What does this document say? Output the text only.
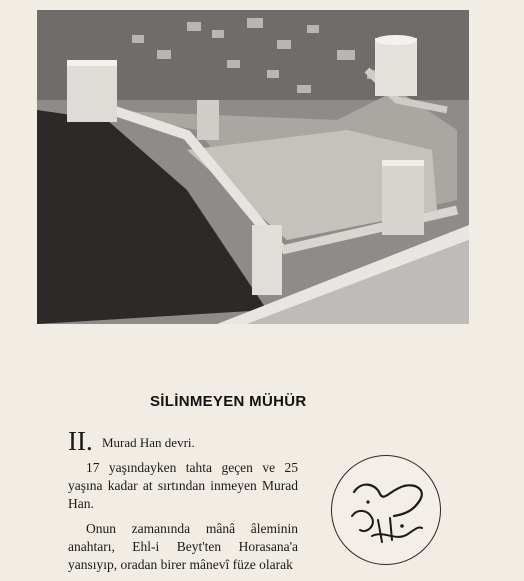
SİLİNMEYEN MÜHÜR

II. Murad Han devri.

17 yaşındayken tahta geçen ve 25 yaşına kadar at sırtından inmeyen Murad Han.

Onun zamanında mânâ âleminin anahtarı, Ehl-i Beyt'ten Horasana'a yansıyıp, oradan birer mânevî füze olarak
